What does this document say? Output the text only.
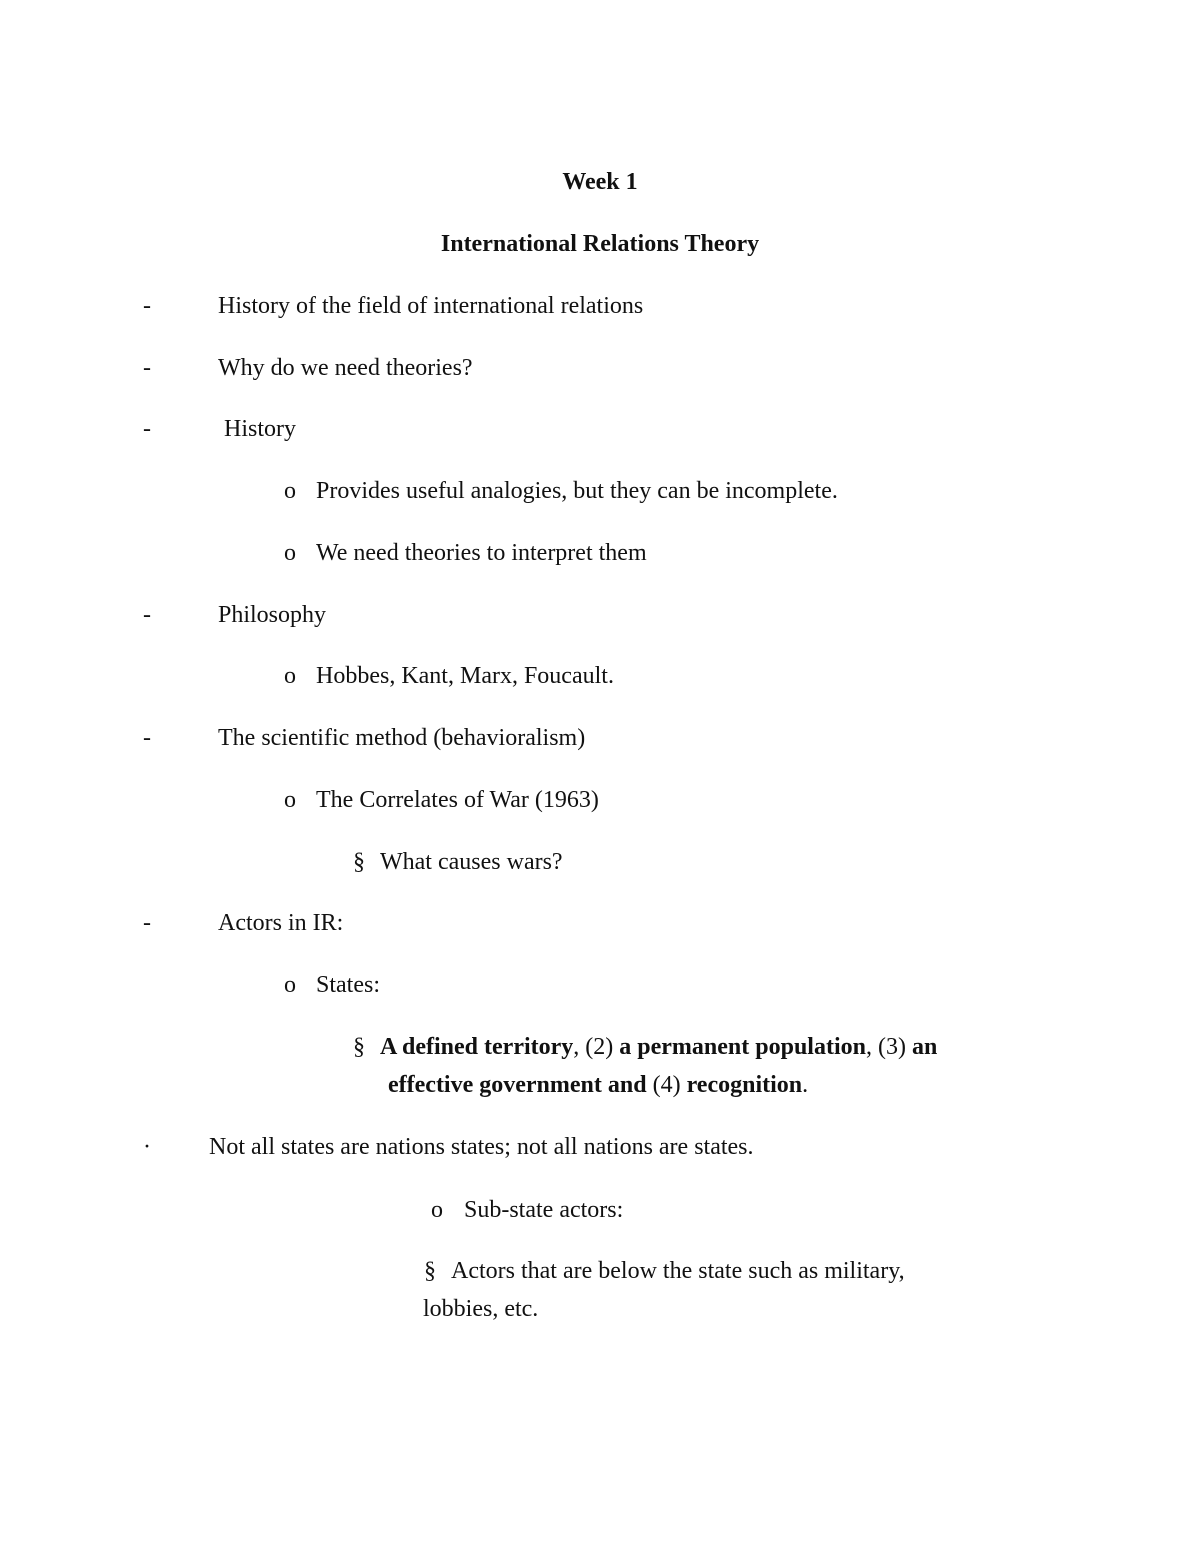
Week 1
International Relations Theory
-	History of the field of international relations
-	Why do we need theories?
-	History
o Provides useful analogies, but they can be incomplete.
o We need theories to interpret them
-	Philosophy
o Hobbes, Kant, Marx, Foucault.
-	The scientific method (behavioralism)
o The Correlates of War (1963)
§ What causes wars?
-	Actors in IR:
o States:
§ A defined territory, (2) a permanent population, (3) an
effective government and (4) recognition.
· Not all states are nations states; not all nations are states.
o Sub-state actors:
§ Actors that are below the state such as military,
lobbies, etc.
